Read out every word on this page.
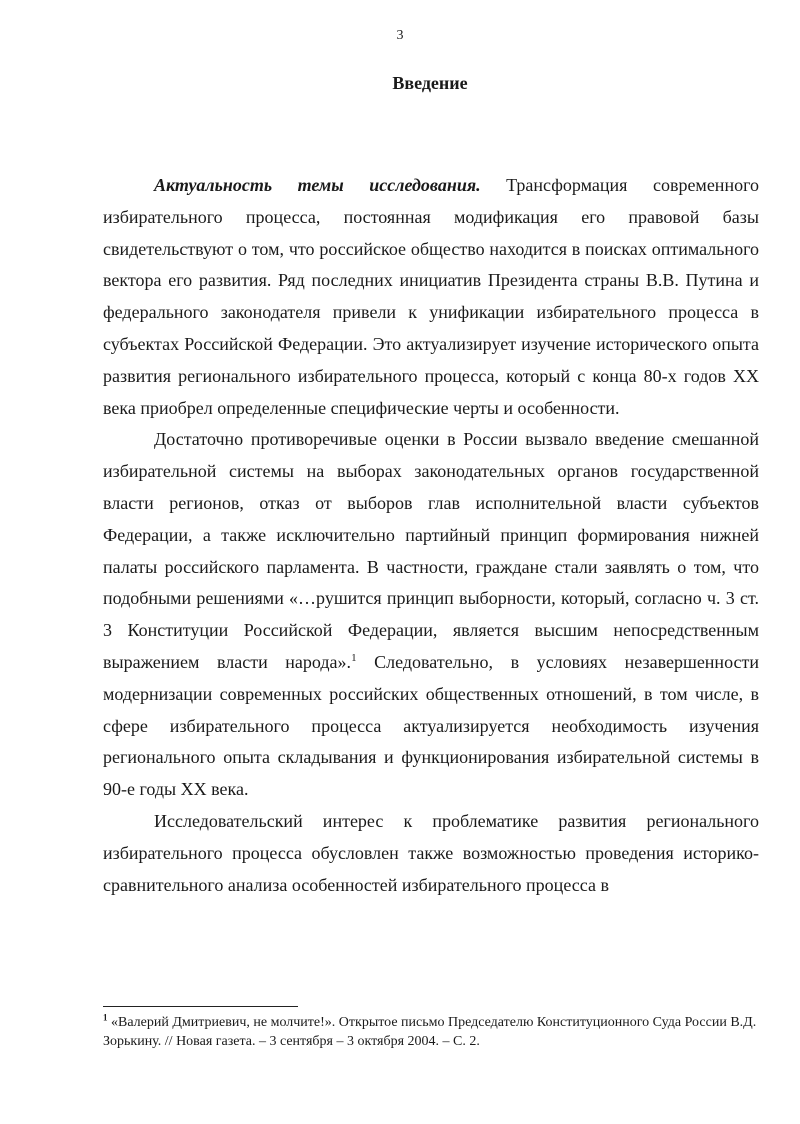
3
Введение

Актуальность темы исследования. Трансформация современного избирательного процесса, постоянная модификация его правовой базы свидетельствуют о том, что российское общество находится в поисках оптимального вектора его развития. Ряд последних инициатив Президента страны В.В. Путина и федерального законодателя привели к унификации избирательного процесса в субъектах Российской Федерации. Это актуализирует изучение исторического опыта развития регионального избирательного процесса, который с конца 80-х годов XX века приобрел определенные специфические черты и особенности.

Достаточно противоречивые оценки в России вызвало введение смешанной избирательной системы на выборах законодательных органов государственной власти регионов, отказ от выборов глав исполнительной власти субъектов Федерации, а также исключительно партийный принцип формирования нижней палаты российского парламента. В частности, граждане стали заявлять о том, что подобными решениями «…рушится принцип выборности, который, согласно ч. 3 ст. 3 Конституции Российской Федерации, является высшим непосредственным выражением власти народа».$^1$ Следовательно, в условиях незавершенности модернизации современных российских общественных отношений, в том числе, в сфере избирательного процесса актуализируется необходимость изучения регионального опыта складывания и функционирования избирательной системы в 90-е годы XX века.

Исследовательский интерес к проблематике развития регионального избирательного процесса обусловлен также возможностью проведения историко-сравнительного анализа особенностей избирательного процесса в

$^1$ «Валерий Дмитриевич, не молчите!». Открытое письмо Председателю Конституционного Суда России В.Д. Зорькину. // Новая газета. – 3 сентября – 3 октября 2004. – С. 2.
